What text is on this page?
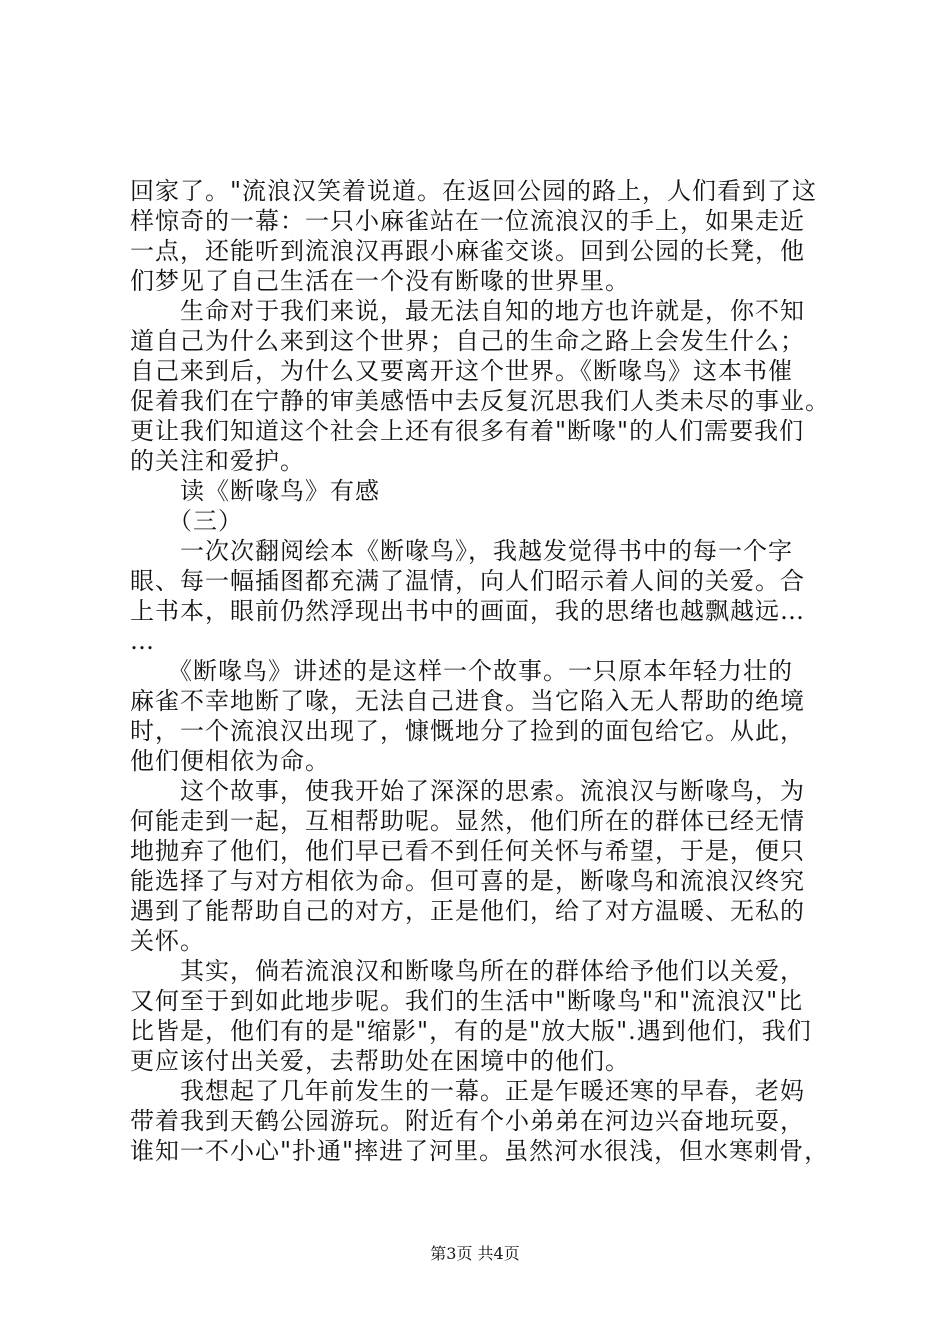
回家了。"流浪汉笑着说道。在返回公园的路上，人们看到了这
样惊奇的一幕：一只小麻雀站在一位流浪汉的手上，如果走近
一点，还能听到流浪汉再跟小麻雀交谈。回到公园的长凳，他
们梦见了自己生活在一个没有断喙的世界里。
　　生命对于我们来说，最无法自知的地方也许就是，你不知
道自己为什么来到这个世界；自己的生命之路上会发生什么；
自己来到后，为什么又要离开这个世界。《断喙鸟》这本书催
促着我们在宁静的审美感悟中去反复沉思我们人类未尽的事业。
更让我们知道这个社会上还有很多有着"断喙"的人们需要我们
的关注和爱护。
　　读《断喙鸟》有感
　　（三）
　　一次次翻阅绘本《断喙鸟》，我越发觉得书中的每一个字
眼、每一幅插图都充满了温情，向人们昭示着人间的关爱。合
上书本，眼前仍然浮现出书中的画面，我的思绪也越飘越远…
…
　　《断喙鸟》讲述的是这样一个故事。一只原本年轻力壮的
麻雀不幸地断了喙，无法自己进食。当它陷入无人帮助的绝境
时，一个流浪汉出现了，慷慨地分了捡到的面包给它。从此，
他们便相依为命。
　　这个故事，使我开始了深深的思索。流浪汉与断喙鸟，为
何能走到一起，互相帮助呢。显然，他们所在的群体已经无情
地抛弃了他们，他们早已看不到任何关怀与希望，于是，便只
能选择了与对方相依为命。但可喜的是，断喙鸟和流浪汉终究
遇到了能帮助自己的对方，正是他们，给了对方温暖、无私的
关怀。
　　其实，倘若流浪汉和断喙鸟所在的群体给予他们以关爱，
又何至于到如此地步呢。我们的生活中"断喙鸟"和"流浪汉"比
比皆是，他们有的是"缩影"，有的是"放大版".遇到他们，我们
更应该付出关爱，去帮助处在困境中的他们。
　　我想起了几年前发生的一幕。正是乍暖还寒的早春，老妈
带着我到天鹤公园游玩。附近有个小弟弟在河边兴奋地玩耍，
谁知一不小心"扑通"摔进了河里。虽然河水很浅，但水寒刺骨，
第3页 共4页
